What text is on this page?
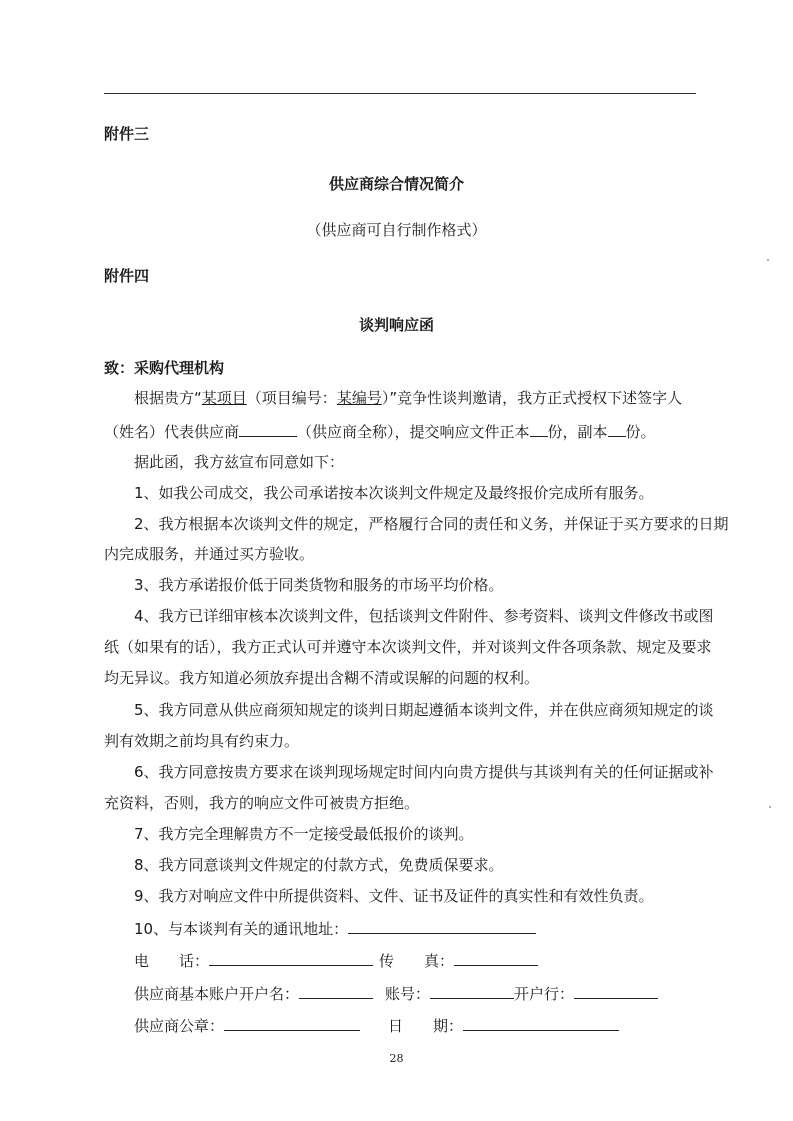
附件三
供应商综合情况简介
（供应商可自行制作格式）
附件四
谈判响应函
致：采购代理机构
根据贵方“某项目（项目编号：某编号）”竞争性谈判邀请，我方正式授权下述签字人
（姓名）代表供应商	（供应商全称），提交响应文件正本 份，副本 份。
据此函，我方兹宣布同意如下：
1、如我公司成交，我公司承诺按本次谈判文件规定及最终报价完成所有服务。
2、我方根据本次谈判文件的规定，严格履行合同的责任和义务，并保证于买方要求的日期
内完成服务，并通过买方验收。
3、我方承诺报价低于同类货物和服务的市场平均价格。
4、我方已详细审核本次谈判文件，包括谈判文件附件、参考资料、谈判文件修改书或图
纸（如果有的话），我方正式认可并遵守本次谈判文件，并对谈判文件各项条款、规定及要求
均无异议。我方知道必须放弃提出含糊不清或误解的问题的权利。
5、我方同意从供应商须知规定的谈判日期起遵循本谈判文件，并在供应商须知规定的谈
判有效期之前均具有约束力。
6、我方同意按贵方要求在谈判现场规定时间内向贵方提供与其谈判有关的任何证据或补
充资料，否则，我方的响应文件可被贵方拒绝。
7、我方完全理解贵方不一定接受最低报价的谈判。
8、我方同意谈判文件规定的付款方式，免费质保要求。
9、我方对响应文件中所提供资料、文件、证书及证件的真实性和有效性负责。
10、与本谈判有关的通讯地址：
电　　话：	传　　真：
供应商基本账户开户名：	账号：	开户行：
供应商公章：	日　　期：
28
